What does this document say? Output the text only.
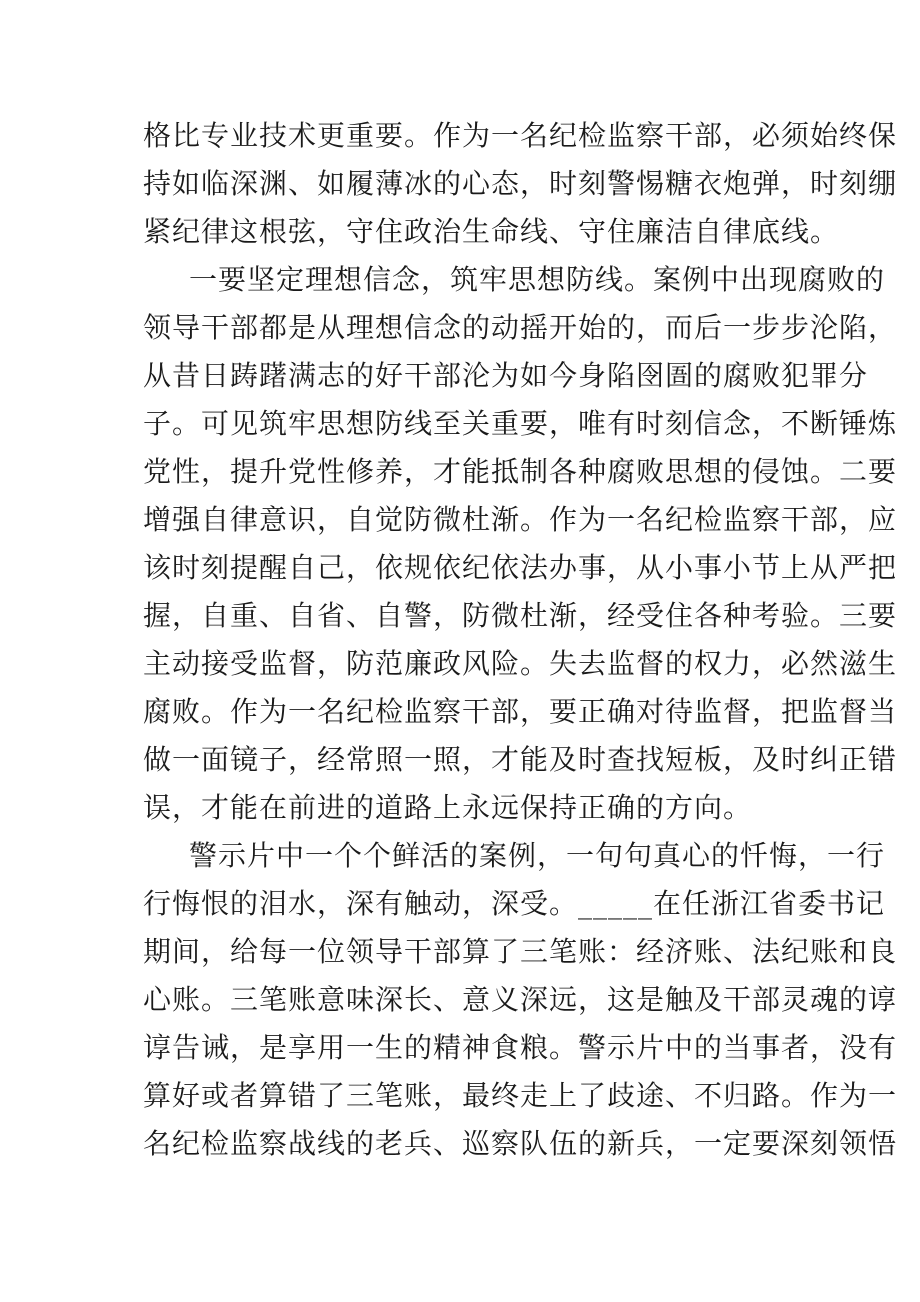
格比专业技术更重要。作为一名纪检监察干部，必须始终保
持如临深渊、如履薄冰的心态，时刻警惕糖衣炮弹，时刻绷
紧纪律这根弦，守住政治生命线、守住廉洁自律底线。
一要坚定理想信念，筑牢思想防线。案例中出现腐败的
领导干部都是从理想信念的动摇开始的，而后一步步沦陷，
从昔日踌躇满志的好干部沦为如今身陷囹圄的腐败犯罪分
子。可见筑牢思想防线至关重要，唯有时刻信念，不断锤炼
党性，提升党性修养，才能抵制各种腐败思想的侵蚀。二要
增强自律意识，自觉防微杜渐。作为一名纪检监察干部，应
该时刻提醒自己，依规依纪依法办事，从小事小节上从严把
握，自重、自省、自警，防微杜渐，经受住各种考验。三要
主动接受监督，防范廉政风险。失去监督的权力，必然滋生
腐败。作为一名纪检监察干部，要正确对待监督，把监督当
做一面镜子，经常照一照，才能及时查找短板，及时纠正错
误，才能在前进的道路上永远保持正确的方向。
警示片中一个个鲜活的案例，一句句真心的忏悔，一行
行悔恨的泪水，深有触动，深受。_____在任浙江省委书记
期间，给每一位领导干部算了三笔账：经济账、法纪账和良
心账。三笔账意味深长、意义深远，这是触及干部灵魂的谆
谆告诫，是享用一生的精神食粮。警示片中的当事者，没有
算好或者算错了三笔账，最终走上了歧途、不归路。作为一
名纪检监察战线的老兵、巡察队伍的新兵，一定要深刻领悟
